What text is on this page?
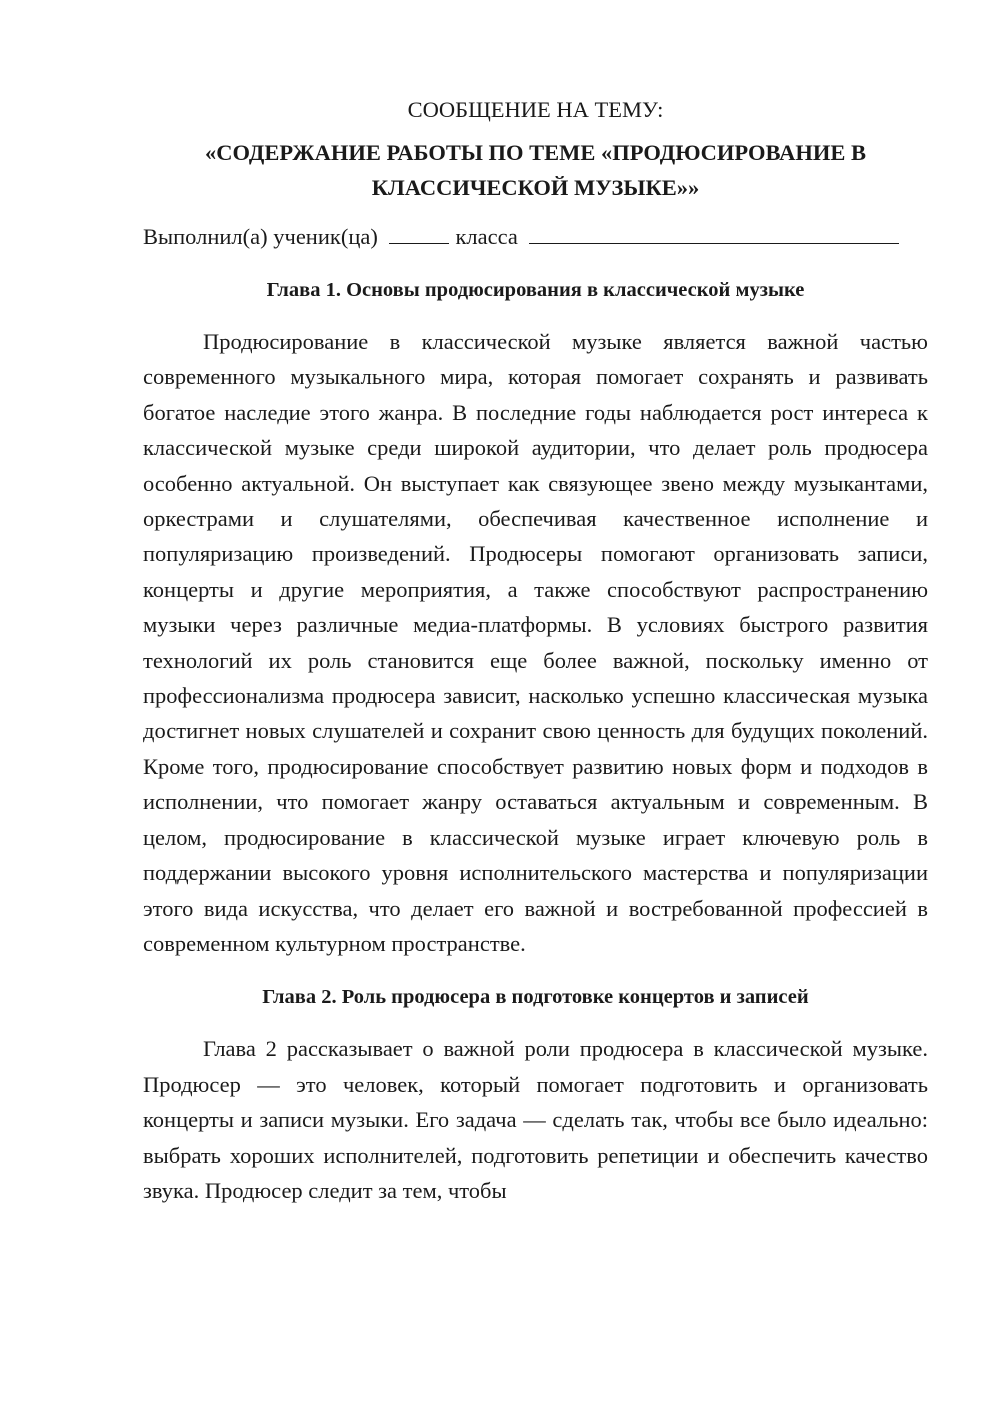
СООБЩЕНИЕ НА ТЕМУ:

«СОДЕРЖАНИЕ РАБОТЫ ПО ТЕМЕ «ПРОДЮСИРОВАНИЕ В КЛАССИЧЕСКОЙ МУЗЫКЕ»»

Выполнил(а) ученик(ца)	класса

Глава 1. Основы продюсирования в классической музыке

Продюсирование в классической музыке является важной частью современного музыкального мира, которая помогает сохранять и развивать богатое наследие этого жанра. В последние годы наблюдается рост интереса к классической музыке среди широкой аудитории, что делает роль продюсера особенно актуальной. Он выступает как связующее звено между музыкантами, оркестрами и слушателями, обеспечивая качественное исполнение и популяризацию произведений. Продюсеры помогают организовать записи, концерты и другие мероприятия, а также способствуют распространению музыки через различные медиа-платформы. В условиях быстрого развития технологий их роль становится еще более важной, поскольку именно от профессионализма продюсера зависит, насколько успешно классическая музыка достигнет новых слушателей и сохранит свою ценность для будущих поколений. Кроме того, продюсирование способствует развитию новых форм и подходов в исполнении, что помогает жанру оставаться актуальным и современным. В целом, продюсирование в классической музыке играет ключевую роль в поддержании высокого уровня исполнительского мастерства и популяризации этого вида искусства, что делает его важной и востребованной профессией в современном культурном пространстве.

Глава 2. Роль продюсера в подготовке концертов и записей

Глава 2 рассказывает о важной роли продюсера в классической музыке. Продюсер — это человек, который помогает подготовить и организовать концерты и записи музыки. Его задача — сделать так, чтобы все было идеально: выбрать хороших исполнителей, подготовить репетиции и обеспечить качество звука. Продюсер следит за тем, чтобы
